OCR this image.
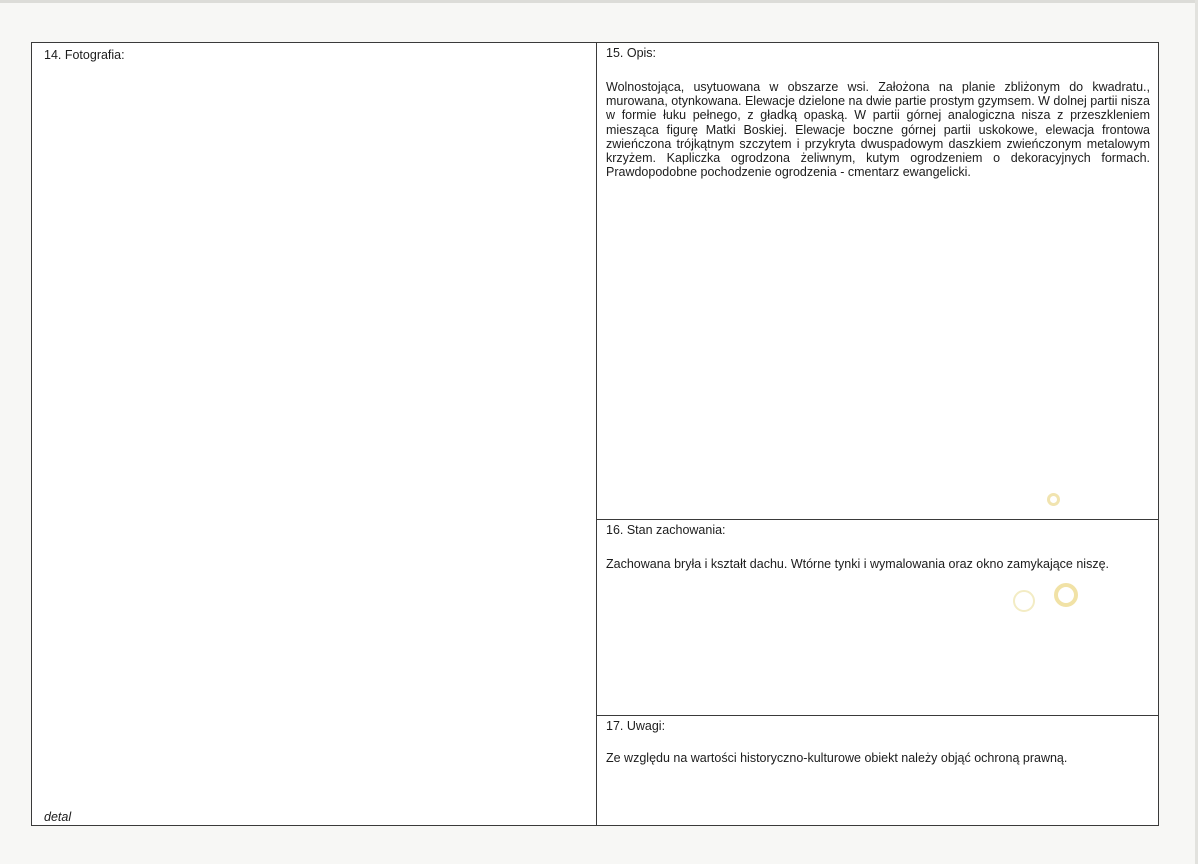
14. Fotografia:
detal
15. Opis:

Wolnostojąca, usytuowana w obszarze wsi. Założona na planie zbliżonym do kwadratu., murowana, otynkowana. Elewacje dzielone na dwie partie prostym gzymsem. W dolnej partii nisza w formie łuku pełnego, z gładką opaską. W partii górnej analogiczna nisza z przeszkleniem mieszącа figurę Matki Boskiej. Elewacje boczne górnej partii uskokowe, elewacja frontowa zwieńczona trójkątnym szczytem i przykryta dwuspadowym daszkiem zwieńczonym metalowym krzyżem. Kapliczka ogrodzona żeliwnym, kutym ogrodzeniem o dekoracyjnych formach. Prawdopodobne pochodzenie ogrodzenia - cmentarz ewangelicki.

16. Stan zachowania:

Zachowana bryła i kształt dachu. Wtórne tynki i wymalowania oraz okno zamykające niszę.

17. Uwagi:

Ze względu na wartości historyczno-kulturowe obiekt należy objąć ochroną prawną.
